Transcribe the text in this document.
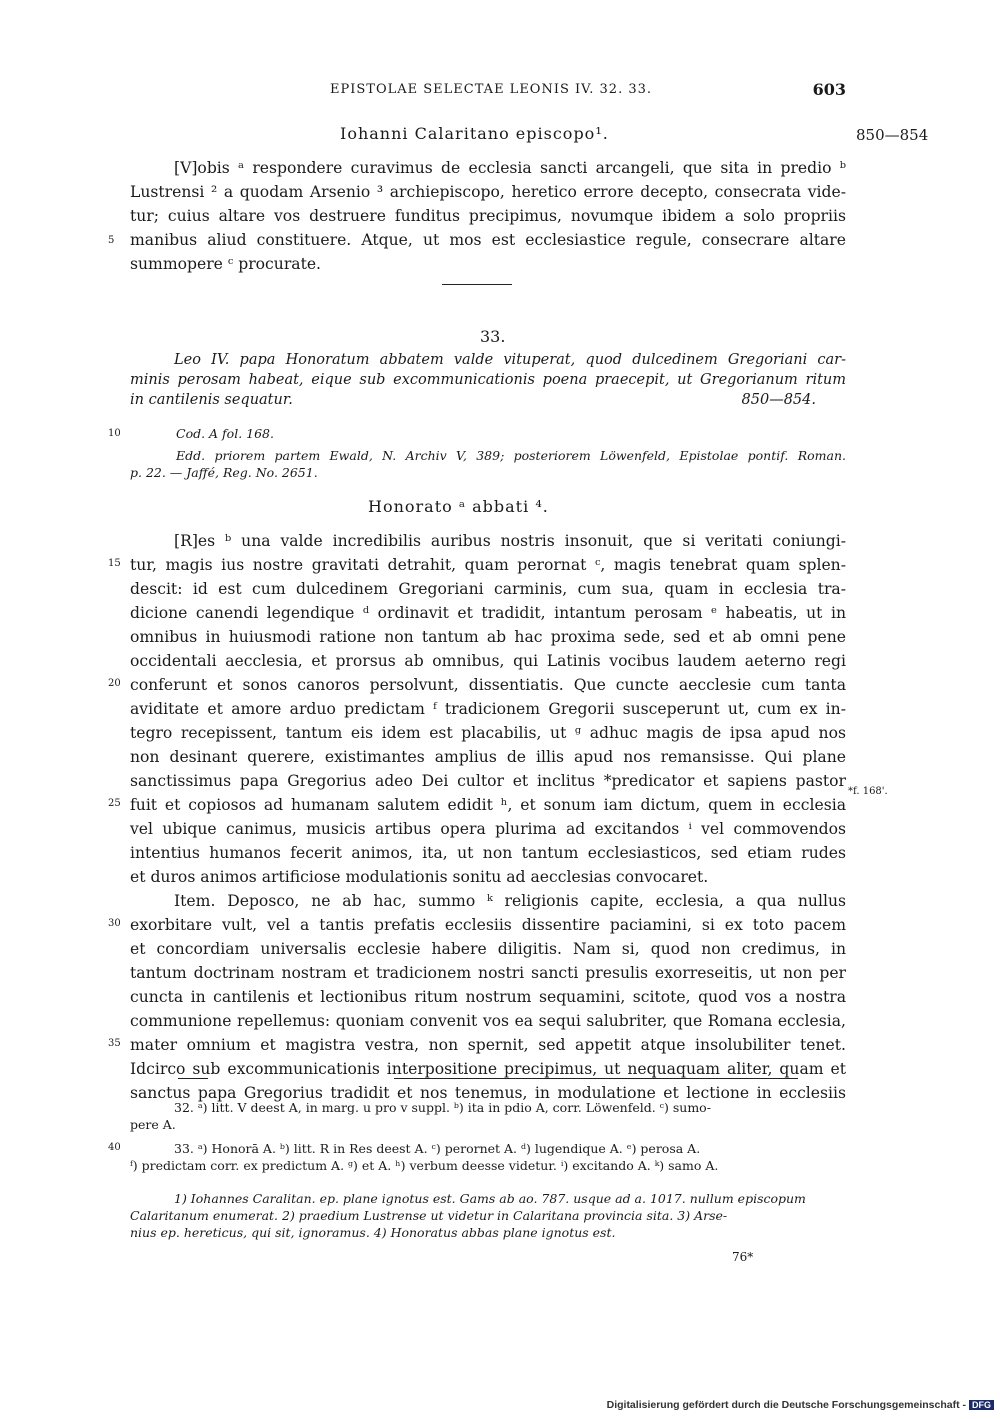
EPISTOLAE SELECTAE LEONIS IV. 32. 33.	603
Iohanni Calaritano episcopo¹.	850—854
[V]obis ᵃ respondere curavimus de ecclesia sancti arcangeli, que sita in predio ᵇ
Lustrensi ² a quodam Arsenio ³ archiepiscopo, heretico errore decepto, consecrata vide-
tur; cuius altare vos destruere funditus precipimus, novumque ibidem a solo propriis
manibus aliud constituere. Atque, ut mos est ecclesiastice regule, consecrare altare
summopere ᶜ procurate.
5
33.
Leo IV. papa Honoratum abbatem valde vituperat, quod dulcedinem Gregoriani car-
minis perosam habeat, eique sub excommunicationis poena praecepit, ut Gregorianum ritum
in cantilenis sequatur.	850—854.
10	Cod. A fol. 168.
Edd. priorem partem Ewald, N. Archiv V, 389; posteriorem Löwenfeld, Epistolae pontif. Roman.
p. 22. — Jaffé, Reg. No. 2651.
Honorato ᵃ abbati ⁴.
[R]es ᵇ una valde incredibilis auribus nostris insonuit, que si veritati coniungi-
tur, magis ius nostre gravitati detrahit, quam perornat ᶜ, magis tenebrat quam splen-
descit: id est cum dulcedinem Gregoriani carminis, cum sua, quam in ecclesia tra-
dicione canendi legendique ᵈ ordinavit et tradidit, intantum perosam ᵉ habeatis, ut in
omnibus in huiusmodi ratione non tantum ab hac proxima sede, sed et ab omni pene
occidentali aecclesia, et prorsus ab omnibus, qui Latinis vocibus laudem aeterno regi
conferunt et sonos canoros persolvunt, dissentiatis. Que cuncte aecclesie cum tanta
aviditate et amore arduo predictam ᶠ tradicionem Gregorii susceperunt ut, cum ex in-
tegro recepissent, tantum eis idem est placabilis, ut ᵍ adhuc magis de ipsa apud nos
non desinant querere, existimantes amplius de illis apud nos remansisse. Qui plane
sanctissimus papa Gregorius adeo Dei cultor et inclitus *predicator et sapiens pastor
fuit et copiosos ad humanam salutem edidit ʰ, et sonum iam dictum, quem in ecclesia
vel ubique canimus, musicis artibus opera plurima ad excitandos ⁱ vel commovendos
intentius humanos fecerit animos, ita, ut non tantum ecclesiasticos, sed etiam rudes
et duros animos artificiose modulationis sonitu ad aecclesias convocaret.
Item. Deposco, ne ab hac, summo ᵏ religionis capite, ecclesia, a qua nullus
exorbitare vult, vel a tantis prefatis ecclesiis dissentire paciamini, si ex toto pacem
et concordiam universalis ecclesie habere diligitis. Nam si, quod non credimus, in
tantum doctrinam nostram et tradicionem nostri sancti presulis exorreseitis, ut non per
cuncta in cantilenis et lectionibus ritum nostrum sequamini, scitote, quod vos a nostra
communione repellemus: quoniam convenit vos ea sequi salubriter, que Romana ecclesia,
mater omnium et magistra vestra, non spernit, sed appetit atque insolubiliter tenet.
Idcirco sub excommunicationis interpositione precipimus, ut nequaquam aliter, quam et
sanctus papa Gregorius tradidit et nos tenemus, in modulatione et lectione in ecclesiis
15
20
25
30
35
*f. 168'.
32. ᵃ) litt. V deest A, in marg. u pro v suppl. ᵇ) ita in pdio A, corr. Löwenfeld. ᶜ) sumo-
pere A.
40	33. ᵃ) Honorā A. ᵇ) litt. R in Res deest A. ᶜ) perornet A. ᵈ) lugendique A. ᵉ) perosa A.
ᶠ) predictam corr. ex predictum A. ᵍ) et A. ʰ) verbum deesse videtur. ⁱ) excitando A. ᵏ) samo A.
1) Iohannes Caralitan. ep. plane ignotus est. Gams ab ao. 787. usque ad a. 1017. nullum episcopum
Calaritanum enumerat. 2) praedium Lustrense ut videtur in Calaritana provincia sita. 3) Arse-
nius ep. hereticus, qui sit, ignoramus. 4) Honoratus abbas plane ignotus est.
76*
Digitalisierung gefördert durch die Deutsche Forschungsgemeinschaft - DFG
